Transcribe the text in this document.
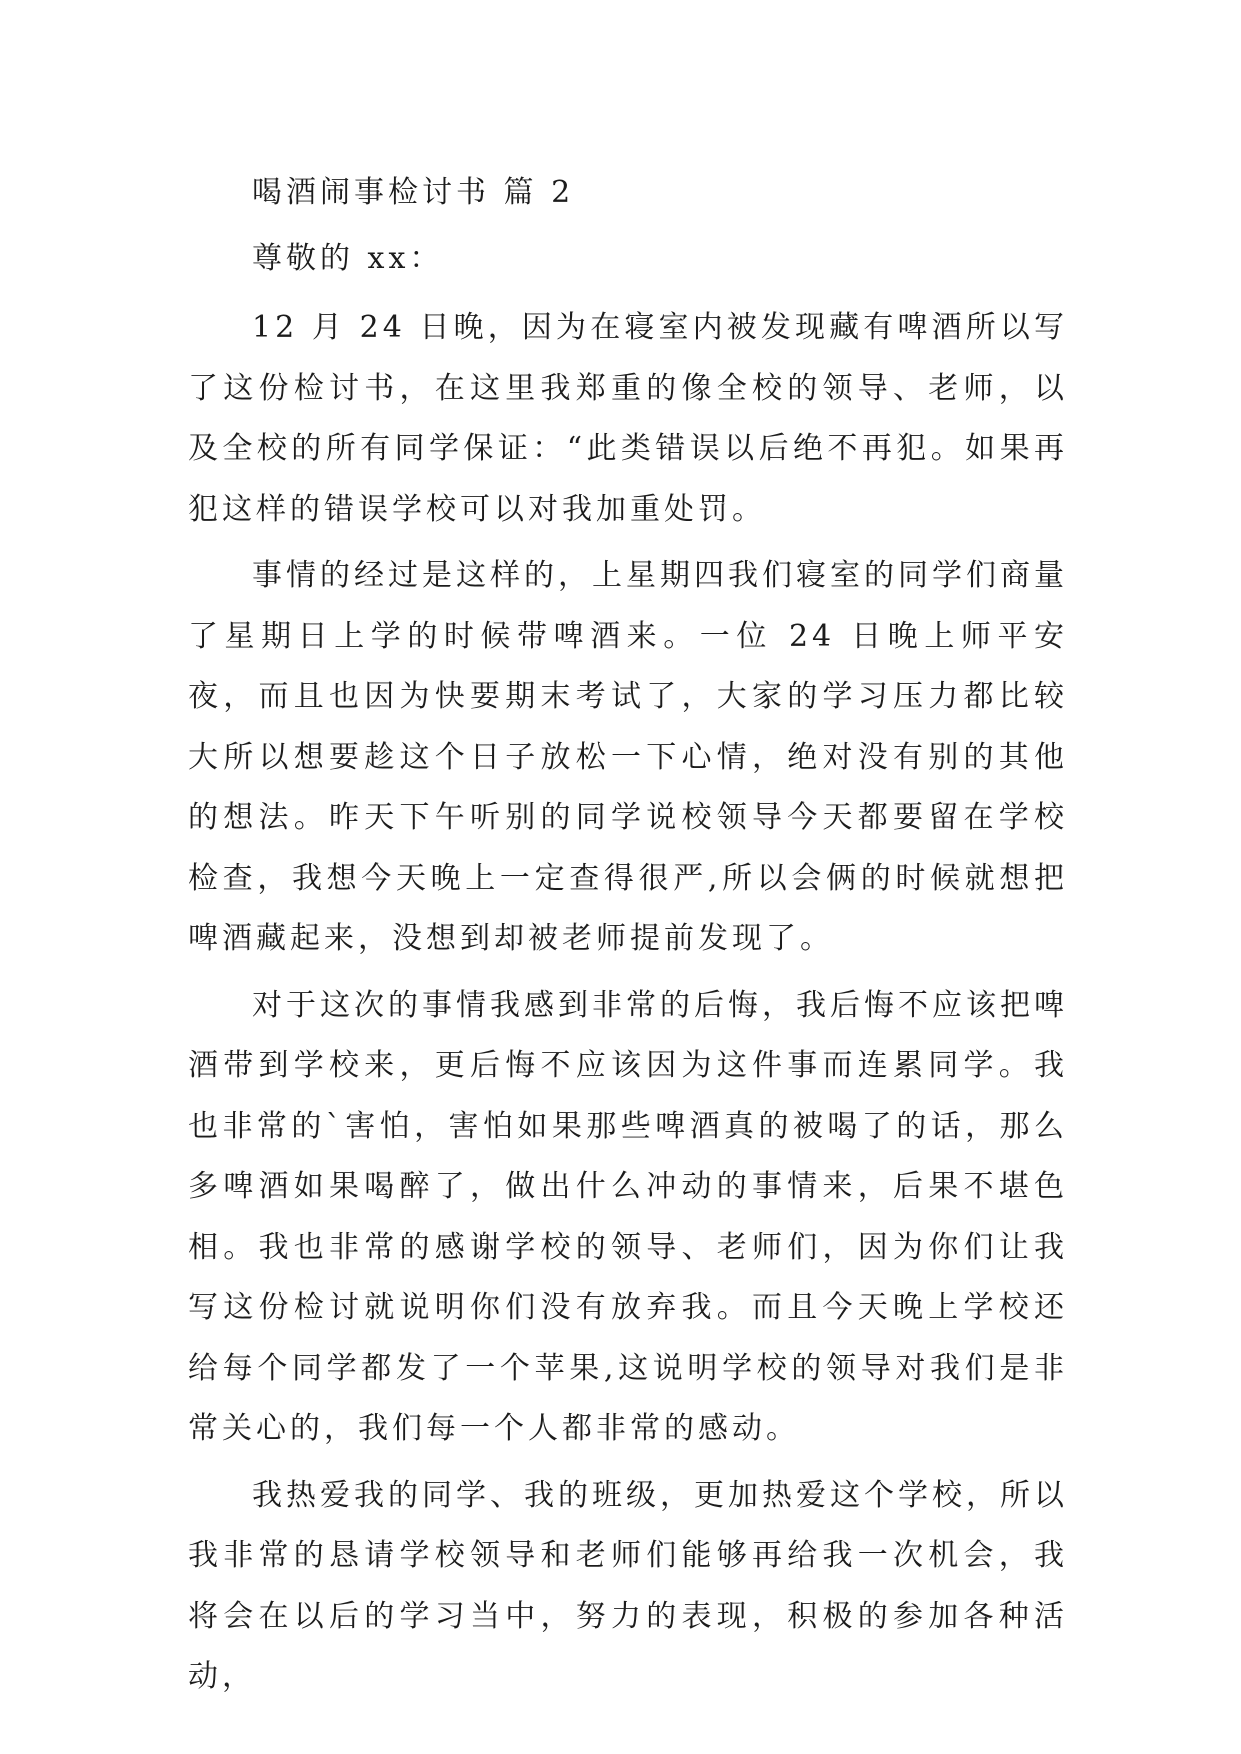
喝酒闹事检讨书 篇 2

尊敬的 xx：

12 月 24 日晚，因为在寝室内被发现藏有啤酒所以写了这份检讨书，在这里我郑重的像全校的领导、老师，以及全校的所有同学保证：“此类错误以后绝不再犯。如果再犯这样的错误学校可以对我加重处罚。

事情的经过是这样的，上星期四我们寝室的同学们商量了星期日上学的时候带啤酒来。一位 24 日晚上师平安夜，而且也因为快要期末考试了，大家的学习压力都比较大所以想要趁这个日子放松一下心情，绝对没有别的其他的想法。昨天下午听别的同学说校领导今天都要留在学校检查，我想今天晚上一定查得很严,所以会俩的时候就想把啤酒藏起来，没想到却被老师提前发现了。

对于这次的事情我感到非常的后悔，我后悔不应该把啤酒带到学校来，更后悔不应该因为这件事而连累同学。我也非常的`害怕，害怕如果那些啤酒真的被喝了的话，那么多啤酒如果喝醉了，做出什么冲动的事情来，后果不堪色相。我也非常的感谢学校的领导、老师们，因为你们让我写这份检讨就说明你们没有放弃我。而且今天晚上学校还给每个同学都发了一个苹果,这说明学校的领导对我们是非常关心的，我们每一个人都非常的感动。

我热爱我的同学、我的班级，更加热爱这个学校，所以我非常的恳请学校领导和老师们能够再给我一次机会，我将会在以后的学习当中，努力的表现，积极的参加各种活动，
